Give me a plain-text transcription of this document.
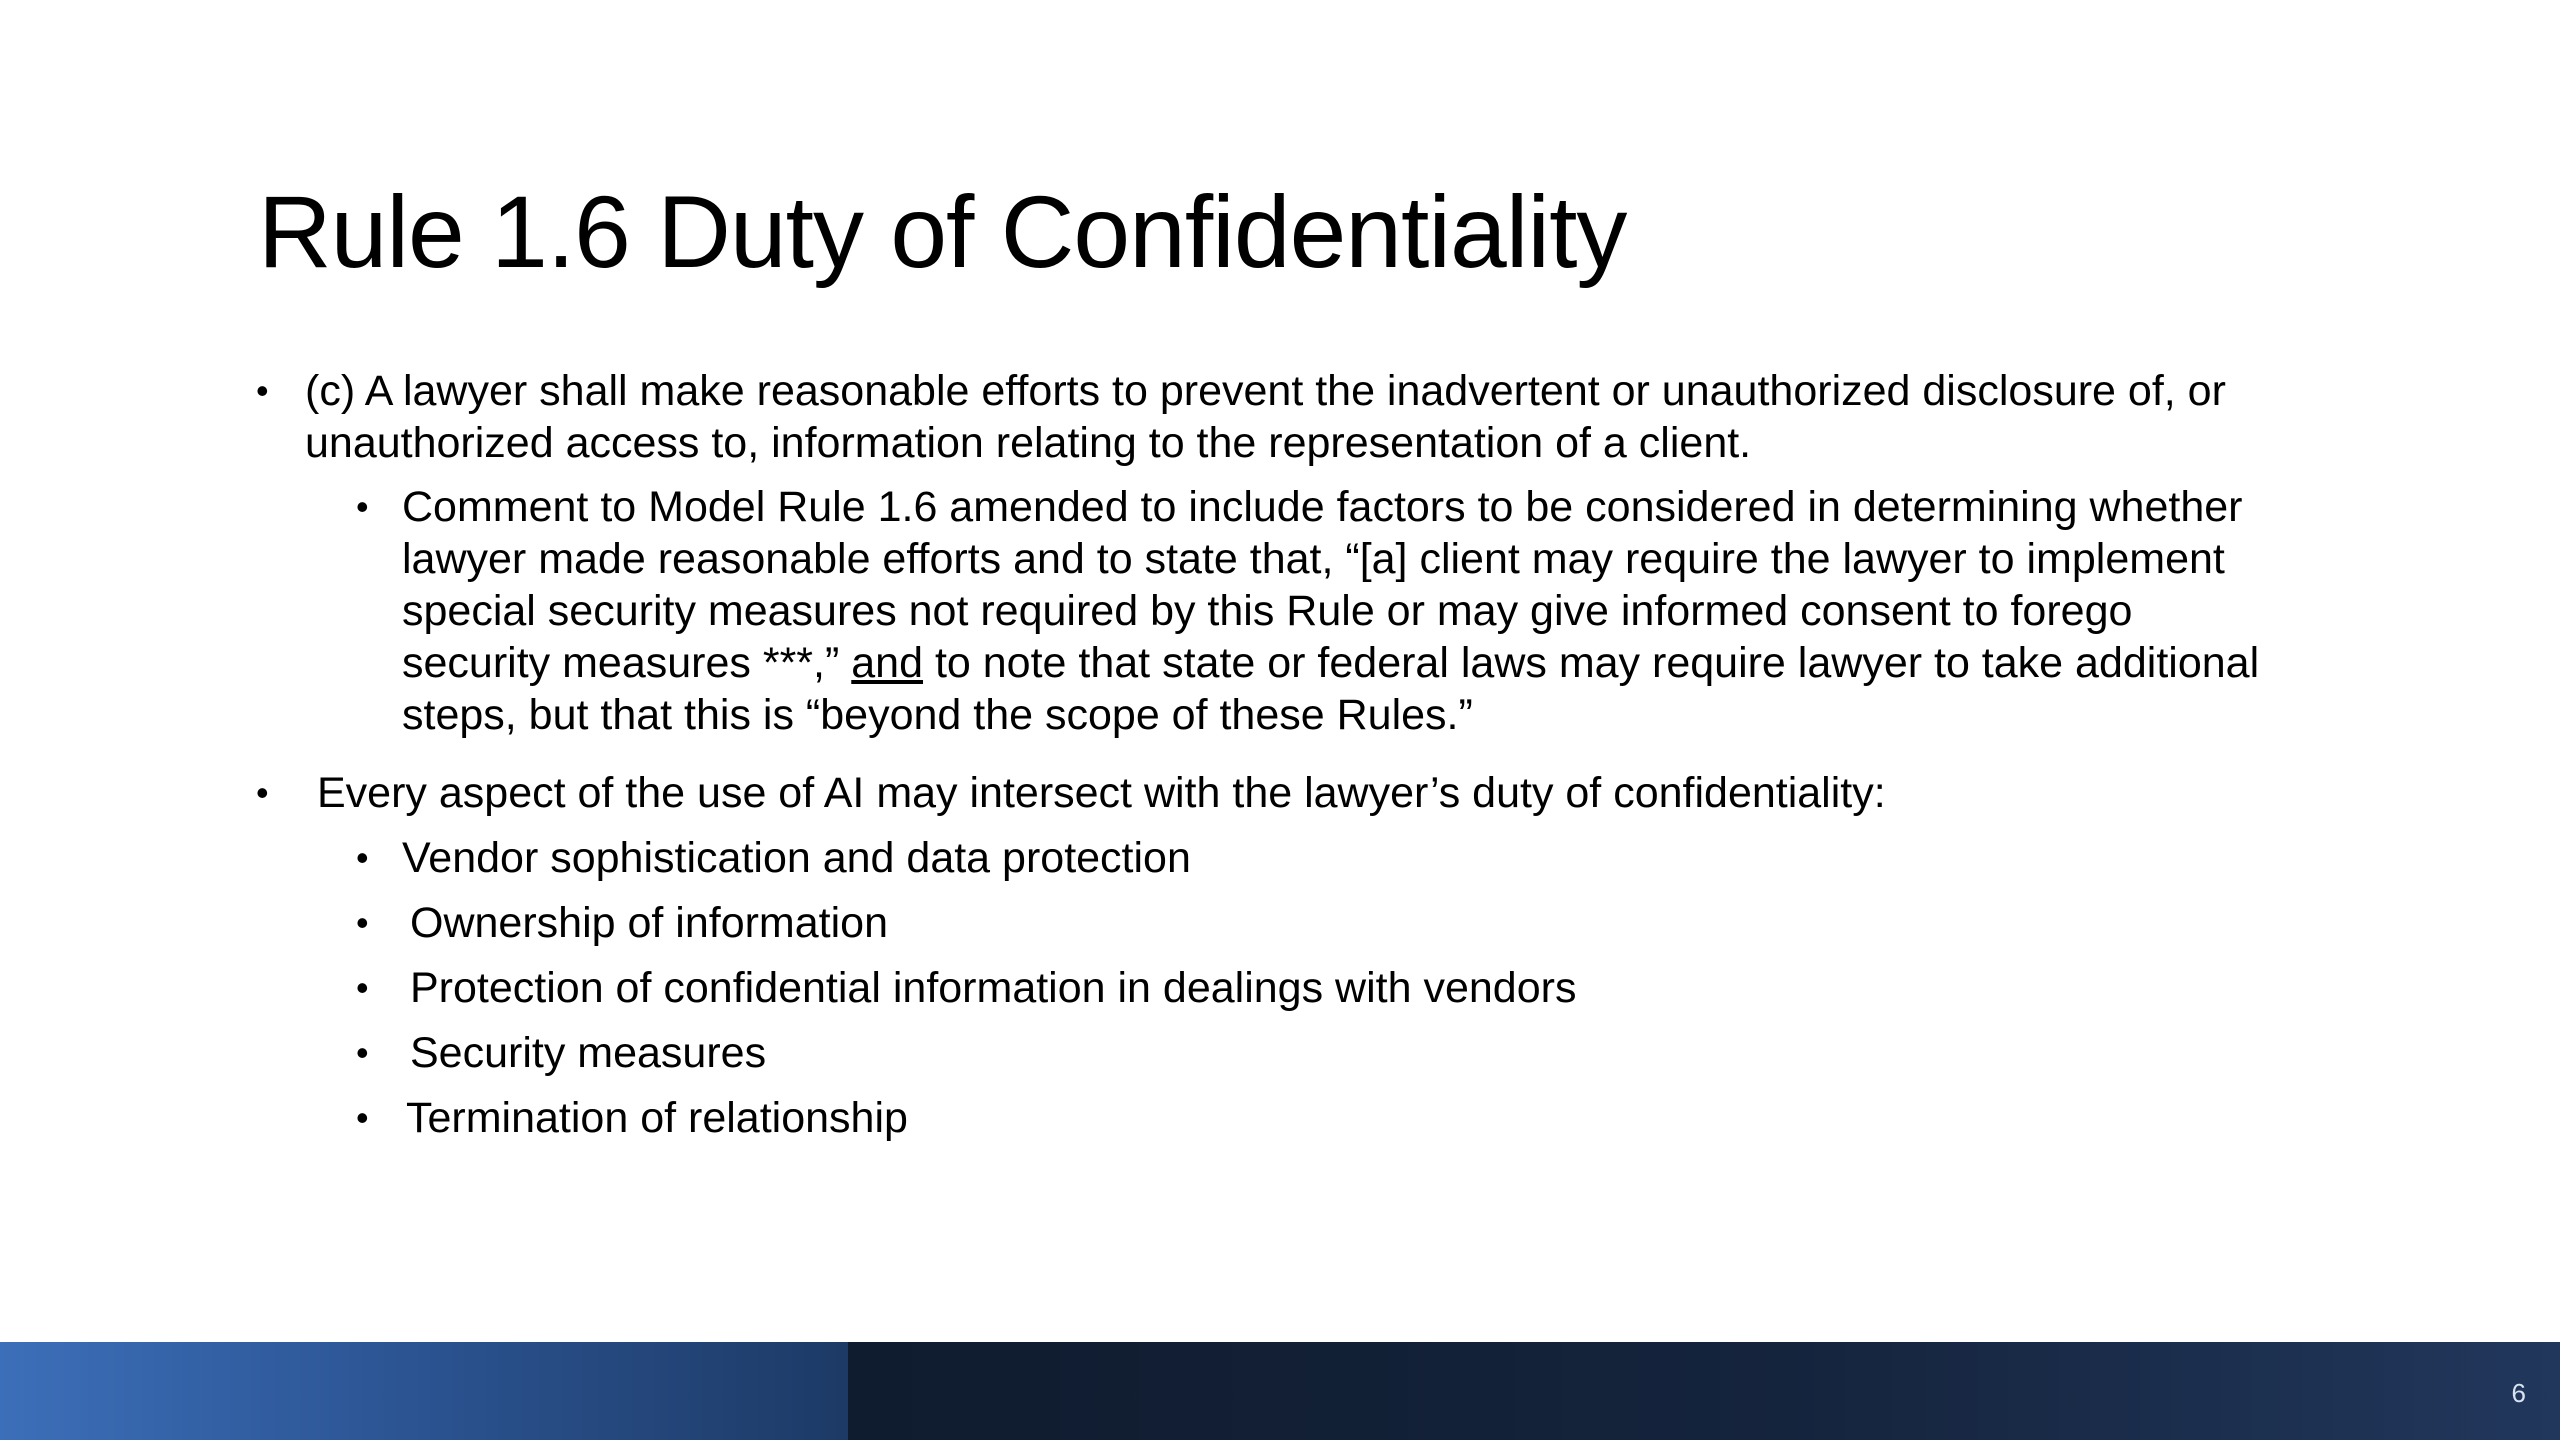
Rule 1.6 Duty of Confidentiality
• (c) A lawyer shall make reasonable efforts to prevent the inadvertent or unauthorized disclosure of, or unauthorized access to, information relating to the representation of a client.
• Comment to Model Rule 1.6 amended to include factors to be considered in determining whether lawyer made reasonable efforts and to state that, “[a] client may require the lawyer to implement special security measures not required by this Rule or may give informed consent to forego security measures ***,” and to note that state or federal laws may require lawyer to take additional steps, but that this is “beyond the scope of these Rules.”
• Every aspect of the use of AI may intersect with the lawyer’s duty of confidentiality:
• Vendor sophistication and data protection
• Ownership of information
• Protection of confidential information in dealings with vendors
• Security measures
• Termination of relationship
6
